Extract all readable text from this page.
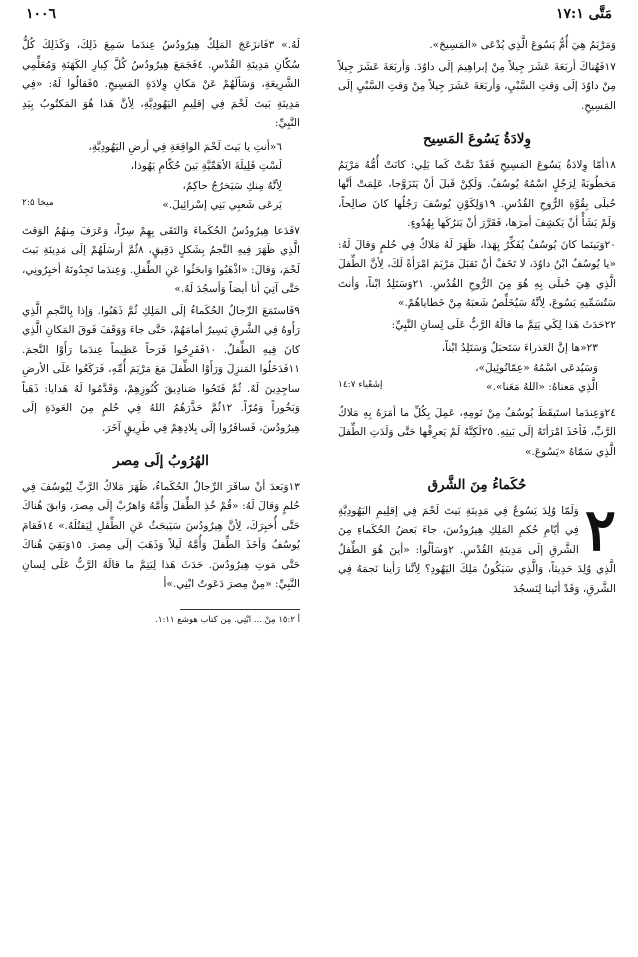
مَتَّى ١٧:١
١٠٠٦

وَمَرْيَمُ هِيَ أُمُّ يَسُوعَ الَّذِي يُدْعَى «المَسِيحَ».

١٧فَهُناكَ أربَعَةَ عَشَرَ جِيلاً مِنْ إبراهِيمَ إلَى داوُدَ. وَأربَعَةَ عَشَرَ جِيلاً مِنْ داوُدَ إلَى وَقتِ السَّبْيِ، وَأربَعَةَ عَشَرَ جِيلاً مِنْ وَقتِ السَّبْيِ إلَى المَسِيحِ.

وِلادَةُ يَسُوعَ المَسِيح

١٨أمّا وِلادَةُ يَسُوعَ المَسِيحِ فَقَدْ تَمَّتْ كَما يَلِي: كانَتْ أُمُّهُ مَرْيَمُ مَخطُوبَةً لِرَجُلٍ اسْمُهُ يُوسُفُ. وَلَكِنْ قَبلَ أنْ يَتَزَوَّجا، عَلِمَتْ أنَّها حُبلَى بِقُوَّةِ الرُّوحِ القُدُسِ. ١٩وَلِكَوْنِ يُوسُفَ رَجُلُها كانَ صالِحاً، وَلَمْ يَشَأْ أنْ يَكشِفَ أمرَها، فَقَرَّرَ أنْ يَترُكَها بِهُدُوءٍ.

٢٠وَبَينَما كانَ يُوسُفُ يُفَكِّرُ بِهَذا، ظَهَرَ لَهُ مَلاكٌ فِي حُلمٍ وَقالَ لَهُ: «يا يُوسُفُ ابْنُ داوُدَ، لا تَخَفْ أنْ تَقبَلَ مَرْيَمَ امْرَأةً لَكَ، لِأنَّ الطِّفلَ الَّذِي هِيَ حُبلَى بِهِ هُوَ مِنَ الرُّوحِ القُدُسِ. ٢١وَسَتَلِدُ ابْناً، وَأنتَ سَتُسَمِّيهِ يَسُوعَ، لِأنَّهُ سَيُخَلِّصُ شَعبَهُ مِنْ خَطاياهُمْ.»

٢٢حَدَثَ هَذا لِكَي يَتِمَّ ما قالَهُ الرَّبُّ عَلَى لِسانِ النَّبِيِّ:

٢٣«ها إنَّ العَذراءَ سَتَحبَلُ وَسَتَلِدُ ابْناً،
وَسَيُدعَى اسْمُهُ «عِمّانُوئِيلَ»،
الَّذِي مَعناهُ: «اللهُ مَعَنا».»
إشَعْياء ١٤:٧

٢٤وَعِندَما استَيقَظَ يُوسُفُ مِنْ نَومِهِ، عَمِلَ بِكُلِّ ما أمَرَهُ بِهِ مَلاكُ الرَّبِّ، فَأخَذَ امْرَأتَهُ إلَى بَيتِهِ. ٢٥لَكِنَّهُ لَمْ يَعرِفْها حَتَّى وَلَدَتِ الطِّفلَ الَّذِي سَمّاهُ «يَسُوعَ.»

حُكَماءُ مِنَ الشَّرق

٢
وَلَمّا وُلِدَ يَسُوعُ فِي مَدِينَةِ بَيتَ لَحْمَ فِي إقلِيمِ اليَهُودِيَّةِ فِي أيّامِ حُكمِ المَلِكِ هِيرُودُسَ، جاءَ بَعضُ الحُكَماءِ مِنَ الشَّرقِ إلَى مَدِينَةِ القُدْسِ. ٢وَسَألُوا: «أينَ هُوَ الطِّفلُ الَّذِي وُلِدَ حَدِيثاً، وَالَّذِي سَيَكُونُ مَلِكَ اليَهُودِ؟ لِأنَّنا رَأينا نَجمَهُ فِي الشَّرقِ، وَقَدْ أتَينا لِنَسجُدَ

لَهُ.» ٣فَانزَعَجَ المَلِكُ هِيرُودُسُ عِندَما سَمِعَ ذَلِكَ، وَكَذَلِكَ كُلُّ سُكّانِ مَدِينَةِ القُدْسِ. ٤فَجَمَعَ هِيرُودُسُ كُلَّ كِبارِ الكَهَنَةِ وَمُعَلِّمِي الشَّرِيعَةِ، وَسَألَهُمْ عَنْ مَكانِ وِلادَةِ المَسِيحِ. ٥فَقالُوا لَهُ: «فِي مَدِينَةِ بَيتَ لَحْمَ فِي إقلِيمِ اليَهُودِيَّةِ، لِأنَّ هَذا هُوَ المَكتُوبُ بِيَدِ النَّبِيِّ:

٦«أنتِ يا بَيتَ لَحْمَ الواقِعَةِ فِي أرضِ اليَهُودِيَّةِ،
لَسْتِ قَلِيلَةَ الأهَمِّيَّةِ بَينَ حُكّامِ يَهُوذا،
لِأنَّهُ مِنكِ سَيَخرُجُ حاكِمٌ،
يَرعَى شَعبِي بَنِي إسْرائِيلَ.»
ميخا ٢:٥

٧فَدَعا هِيرُودُسُ الحُكَماءَ وَالتَقَى بِهِمْ سِرّاً، وَعَرَفَ مِنهُمُ الوَقتَ الَّذِي ظَهَرَ فِيهِ النَّجمُ بِشَكلٍ دَقِيقٍ، ٨ثُمَّ أرسَلَهُمْ إلَى مَدِينَةِ بَيتَ لَحْمَ، وَقالَ: «اذْهَبُوا وَابحَثُوا عَنِ الطِّفلِ. وَعِندَما تَجِدُونَهُ أخبِرُونِي، حَتَّى آتِيَ أنا أيضاً وَأسجُدَ لَهُ.»

٩فَاستَمَعَ الرِّجالُ الحُكَماءُ إلَى المَلِكِ ثُمَّ ذَهَبُوا. وَإذا بِالنَّجمِ الَّذِي رَأَوهُ فِي الشَّرقِ يَسِيرُ أمامَهُمْ، حَتَّى جاءَ وَوَقَفَ فَوقَ المَكانِ الَّذِي كانَ فِيهِ الطِّفلُ. ١٠فَفَرِحُوا فَرَحاً عَظِيماً عِندَما رَأَوْا النَّجمَ. ١١فَدَخَلُوا المَنزِلَ وَرَأَوْا الطِّفلَ مَعَ مَرْيَمَ أُمِّهِ، فَرَكَعُوا عَلَى الأرضِ ساجِدِينَ لَهُ. ثُمَّ فَتَحُوا صَنادِيقَ كُنُوزِهِمْ، وَقَدَّمُوا لَهُ هَدايا: ذَهَباً وَبَخُوراً وَمُرّاً. ١٢ثُمَّ حَذَّرَهُمُ اللهُ فِي حُلمٍ مِنَ العَودَةِ إلَى هِيرُودُسَ، فَسافَرُوا إلَى بِلادِهِمْ فِي طَرِيقٍ آخَرَ.

الهُرُوبُ إلَى مِصر

١٣وَبَعدَ أنْ سافَرَ الرِّجالُ الحُكَماءُ، ظَهَرَ مَلاكُ الرَّبِّ لِيُوسُفَ فِي حُلمٍ وَقالَ لَهُ: «قُمْ خُذِ الطِّفلَ وَأُمَّهُ وَاهرُبْ إلَى مِصرَ، وَابقَ هُناكَ حَتَّى أُخبِرَكَ، لِأنَّ هِيرُودُسَ سَيَبحَثُ عَنِ الطِّفلِ لِيَقتُلَهُ.» ١٤فَقامَ يُوسُفُ وَأخَذَ الطِّفلَ وَأُمَّهُ لَيلاً وَذَهَبَ إلَى مِصرَ. ١٥وَبَقِيَ هُناكَ حَتَّى مَوتِ هِيرُودُسَ. حَدَثَ هَذا لِيَتِمَّ ما قالَهُ الرَّبُّ عَلَى لِسانِ النَّبِيِّ: «مِنْ مِصرَ دَعَوتُ ابْنِي.»أ

أ ١٥:٢ مِنْ ... ابْنِي. مِن كتاب هوشع ١:١١.
